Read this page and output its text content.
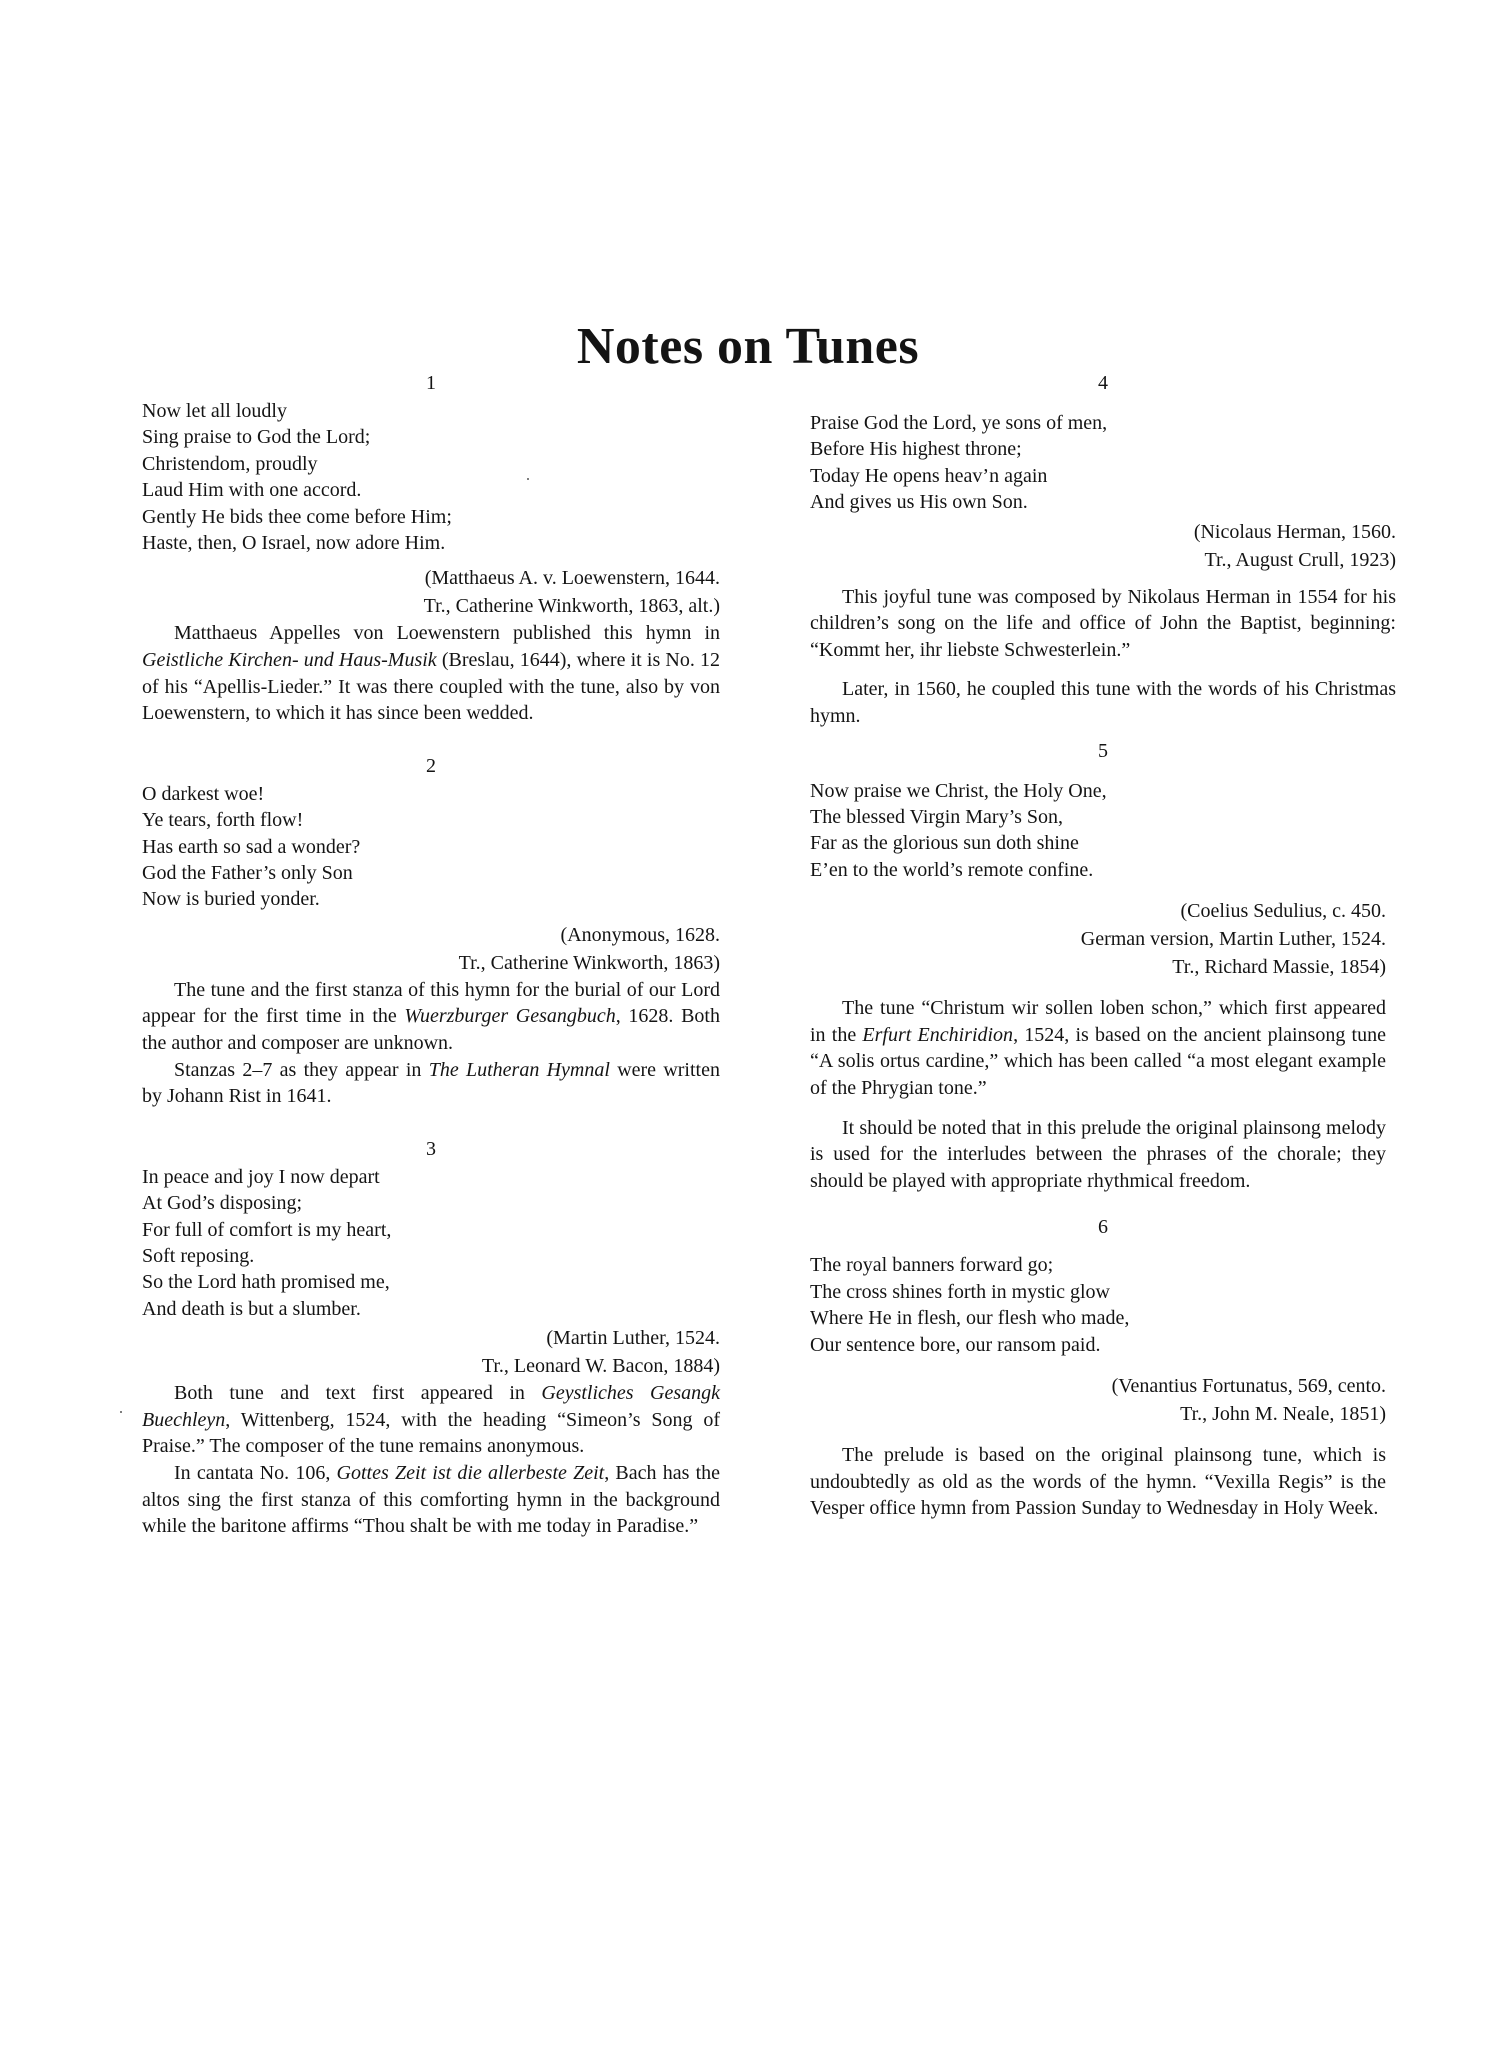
Notes on Tunes
1
Now let all loudly
Sing praise to God the Lord;
Christendom, proudly
Laud Him with one accord.
Gently He bids thee come before Him;
Haste, then, O Israel, now adore Him.
(Matthaeus A. v. Loewenstern, 1644.
Tr., Catherine Winkworth, 1863, alt.)

Matthaeus Appelles von Loewenstern published this hymn in Geistliche Kirchen- und Haus-Musik (Breslau, 1644), where it is No. 12 of his “Apellis-Lieder.” It was there coupled with the tune, also by von Loewenstern, to which it has since been wedded.

2
O darkest woe!
Ye tears, forth flow!
Has earth so sad a wonder?
God the Father’s only Son
Now is buried yonder.
(Anonymous, 1628.
Tr., Catherine Winkworth, 1863)

The tune and the first stanza of this hymn for the burial of our Lord appear for the first time in the Wuerzburger Gesangbuch, 1628. Both the author and composer are unknown.

Stanzas 2–7 as they appear in The Lutheran Hymnal were written by Johann Rist in 1641.

3
In peace and joy I now depart
At God’s disposing;
For full of comfort is my heart,
Soft reposing.
So the Lord hath promised me,
And death is but a slumber.
(Martin Luther, 1524.
Tr., Leonard W. Bacon, 1884)

Both tune and text first appeared in Geystliches Gesangk Buechleyn, Wittenberg, 1524, with the heading “Simeon’s Song of Praise.” The composer of the tune remains anonymous.

In cantata No. 106, Gottes Zeit ist die allerbeste Zeit, Bach has the altos sing the first stanza of this comforting hymn in the background while the baritone affirms “Thou shalt be with me today in Paradise.”

4
Praise God the Lord, ye sons of men,
Before His highest throne;
Today He opens heav’n again
And gives us His own Son.
(Nicolaus Herman, 1560.
Tr., August Crull, 1923)

This joyful tune was composed by Nikolaus Herman in 1554 for his children’s song on the life and office of John the Baptist, beginning: “Kommt her, ihr liebste Schwesterlein.”

Later, in 1560, he coupled this tune with the words of his Christmas hymn.

5
Now praise we Christ, the Holy One,
The blessed Virgin Mary’s Son,
Far as the glorious sun doth shine
E’en to the world’s remote confine.
(Coelius Sedulius, c. 450.
German version, Martin Luther, 1524.
Tr., Richard Massie, 1854)

The tune “Christum wir sollen loben schon,” which first appeared in the Erfurt Enchiridion, 1524, is based on the ancient plainsong tune “A solis ortus cardine,” which has been called “a most elegant example of the Phrygian tone.”

It should be noted that in this prelude the original plainsong melody is used for the interludes between the phrases of the chorale; they should be played with appropriate rhythmical freedom.

6
The royal banners forward go;
The cross shines forth in mystic glow
Where He in flesh, our flesh who made,
Our sentence bore, our ransom paid.
(Venantius Fortunatus, 569, cento.
Tr., John M. Neale, 1851)

The prelude is based on the original plainsong tune, which is undoubtedly as old as the words of the hymn. “Vexilla Regis” is the Vesper office hymn from Passion Sunday to Wednesday in Holy Week.
